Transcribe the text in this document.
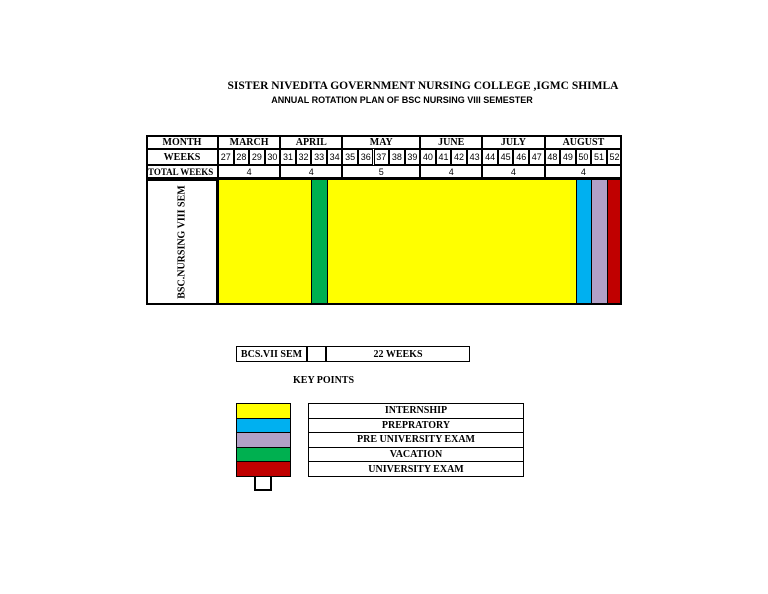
SISTER NIVEDITA GOVERNMENT NURSING COLLEGE ,IGMC SHIMLA
ANNUAL ROTATION PLAN OF BSC NURSING VIII SEMESTER
MONTH
WEEKS
TOTAL WEEKS
MARCH
4
27 28 29 30
APRIL
4
31 32 33 34
MAY
5
35 36 37 38 39
JUNE
4
40 41 42 43
JULY
4
44 45 46 47
AUGUST
4
48 49 50 51 52
BSC.NURSING VIII SEM
BCS.VII SEM	22 WEEKS
KEY POINTS
INTERNSHIP
PREPRATORY
PRE UNIVERSITY EXAM
VACATION
UNIVERSITY EXAM
